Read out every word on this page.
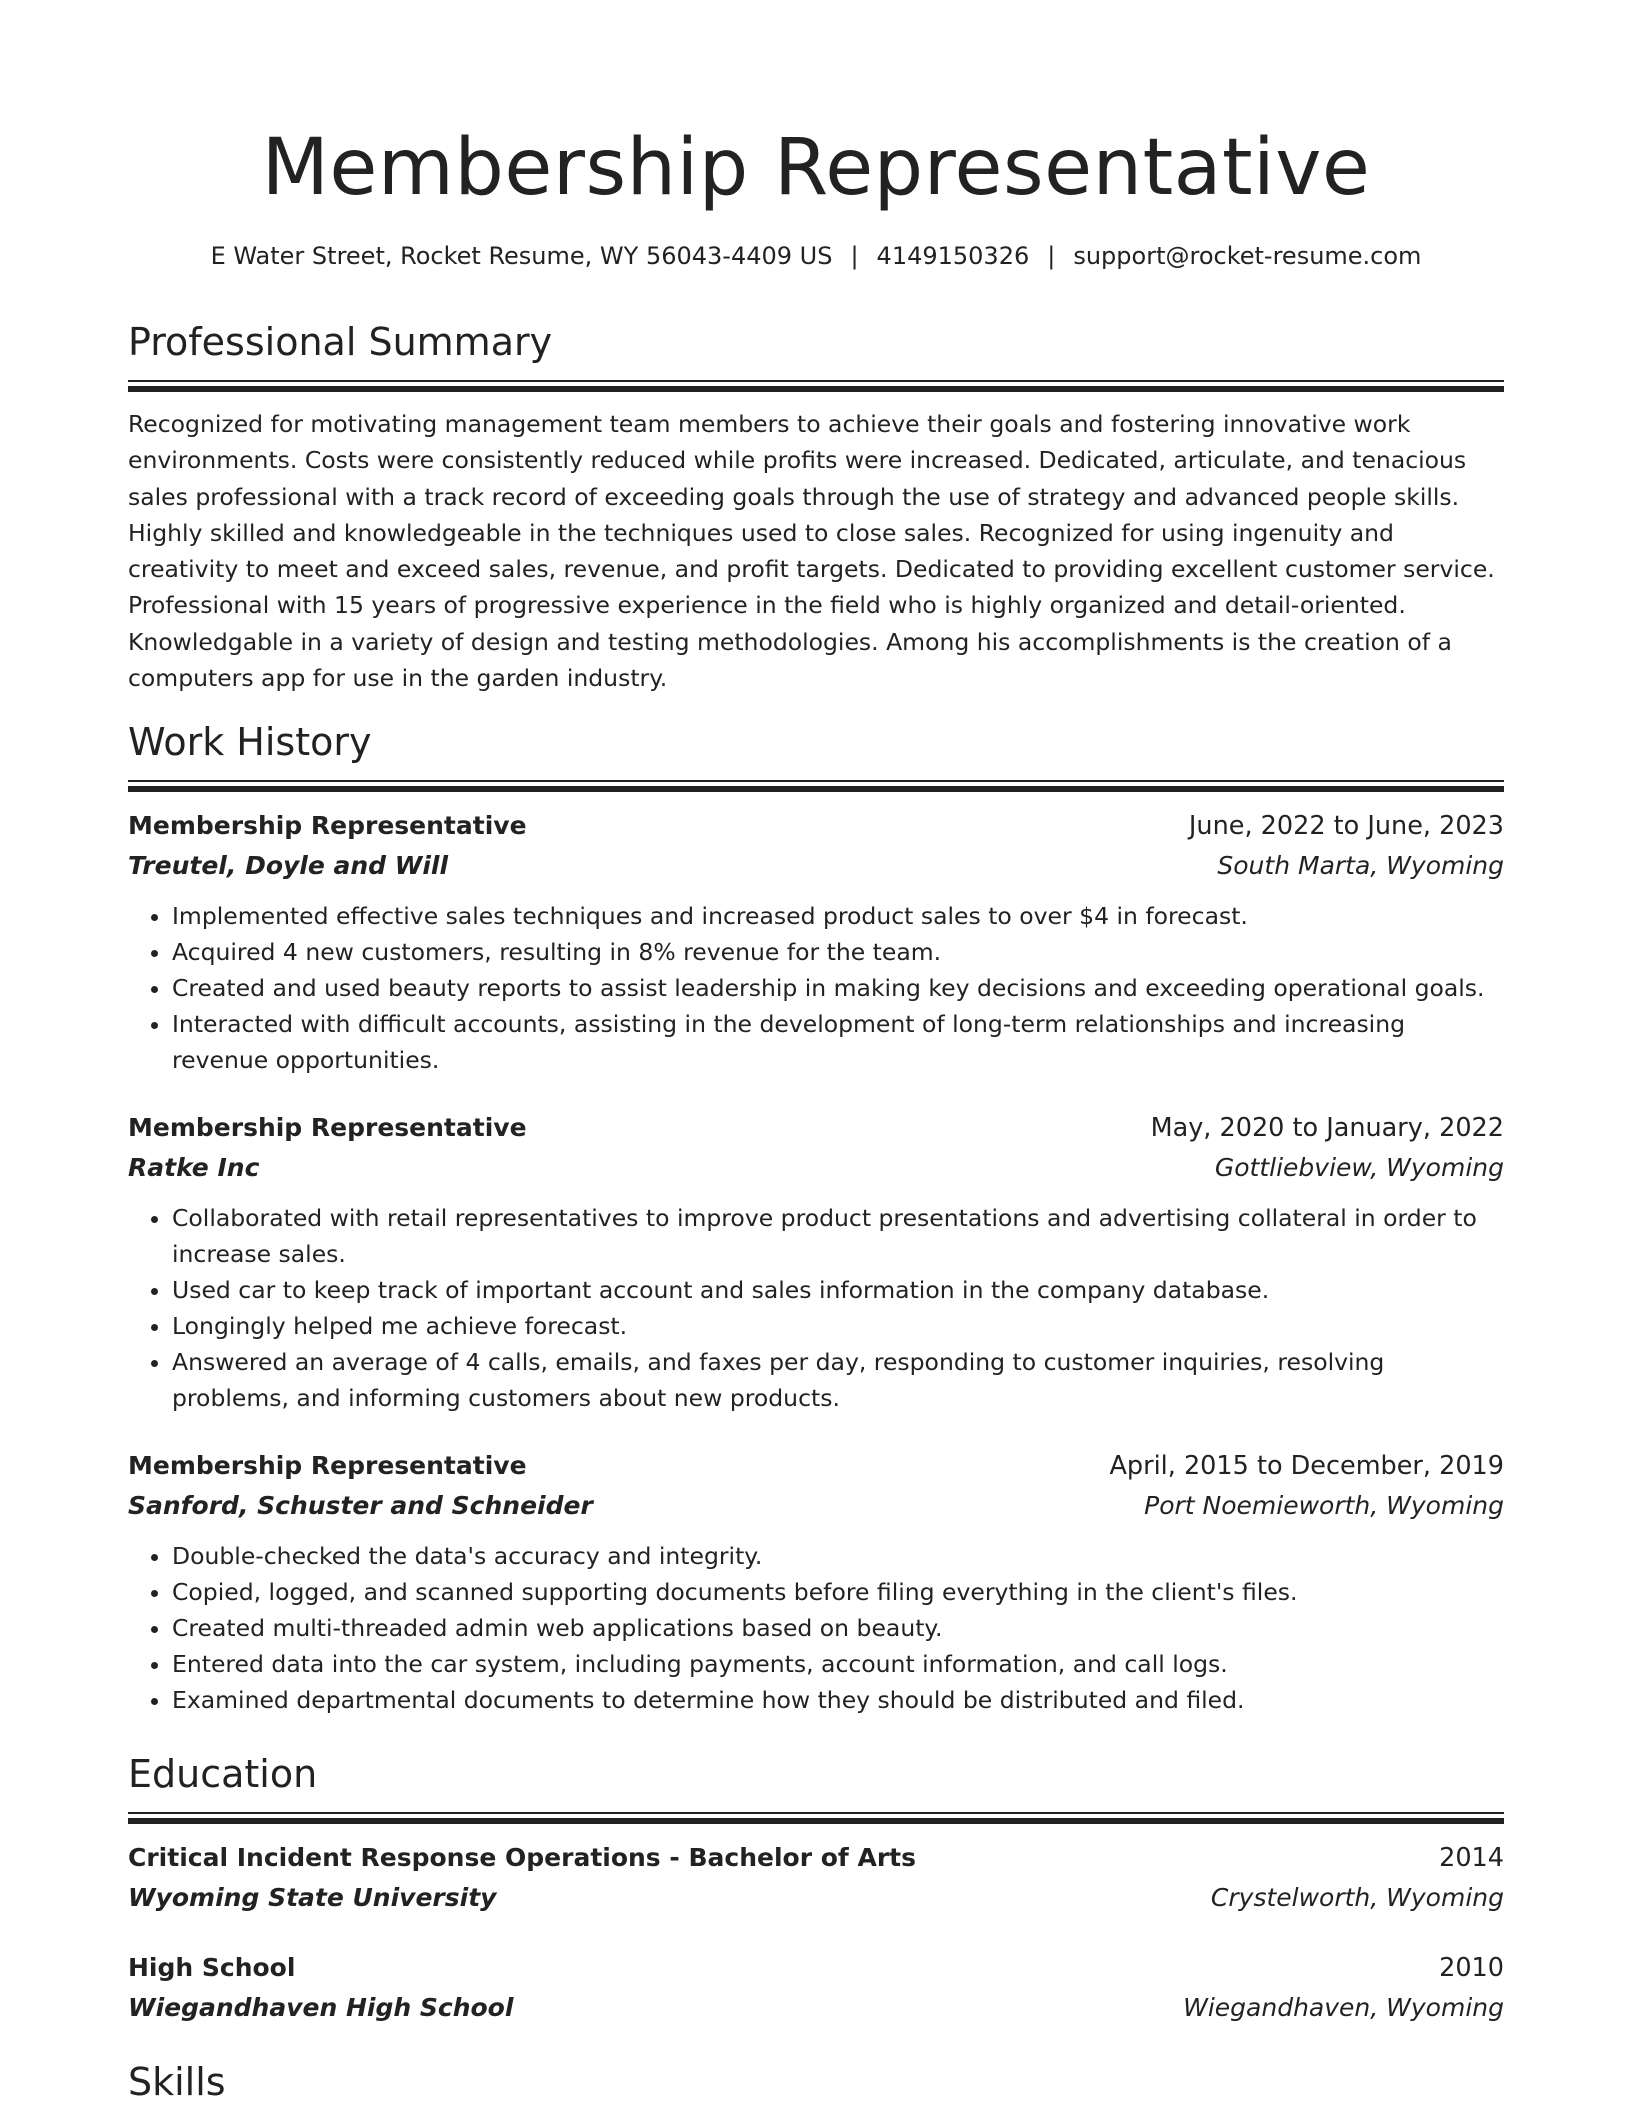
Membership Representative
E Water Street, Rocket Resume, WY 56043-4409 US | 4149150326 | support@rocket-resume.com
Professional Summary
Recognized for motivating management team members to achieve their goals and fostering innovative work environments. Costs were consistently reduced while profits were increased. Dedicated, articulate, and tenacious sales professional with a track record of exceeding goals through the use of strategy and advanced people skills. Highly skilled and knowledgeable in the techniques used to close sales. Recognized for using ingenuity and creativity to meet and exceed sales, revenue, and profit targets. Dedicated to providing excellent customer service. Professional with 15 years of progressive experience in the field who is highly organized and detail-oriented. Knowledgable in a variety of design and testing methodologies. Among his accomplishments is the creation of a computers app for use in the garden industry.
Work History
Membership Representative	June, 2022 to June, 2023
Treutel, Doyle and Will	South Marta, Wyoming
• Implemented effective sales techniques and increased product sales to over $4 in forecast.
• Acquired 4 new customers, resulting in 8% revenue for the team.
• Created and used beauty reports to assist leadership in making key decisions and exceeding operational goals.
• Interacted with difficult accounts, assisting in the development of long-term relationships and increasing revenue opportunities.
Membership Representative	May, 2020 to January, 2022
Ratke Inc	Gottliebview, Wyoming
• Collaborated with retail representatives to improve product presentations and advertising collateral in order to increase sales.
• Used car to keep track of important account and sales information in the company database.
• Longingly helped me achieve forecast.
• Answered an average of 4 calls, emails, and faxes per day, responding to customer inquiries, resolving problems, and informing customers about new products.
Membership Representative	April, 2015 to December, 2019
Sanford, Schuster and Schneider	Port Noemieworth, Wyoming
• Double-checked the data's accuracy and integrity.
• Copied, logged, and scanned supporting documents before filing everything in the client's files.
• Created multi-threaded admin web applications based on beauty.
• Entered data into the car system, including payments, account information, and call logs.
• Examined departmental documents to determine how they should be distributed and filed.
Education
Critical Incident Response Operations - Bachelor of Arts	2014
Wyoming State University	Crystelworth, Wyoming
High School	2010
Wiegandhaven High School	Wiegandhaven, Wyoming
Skills
